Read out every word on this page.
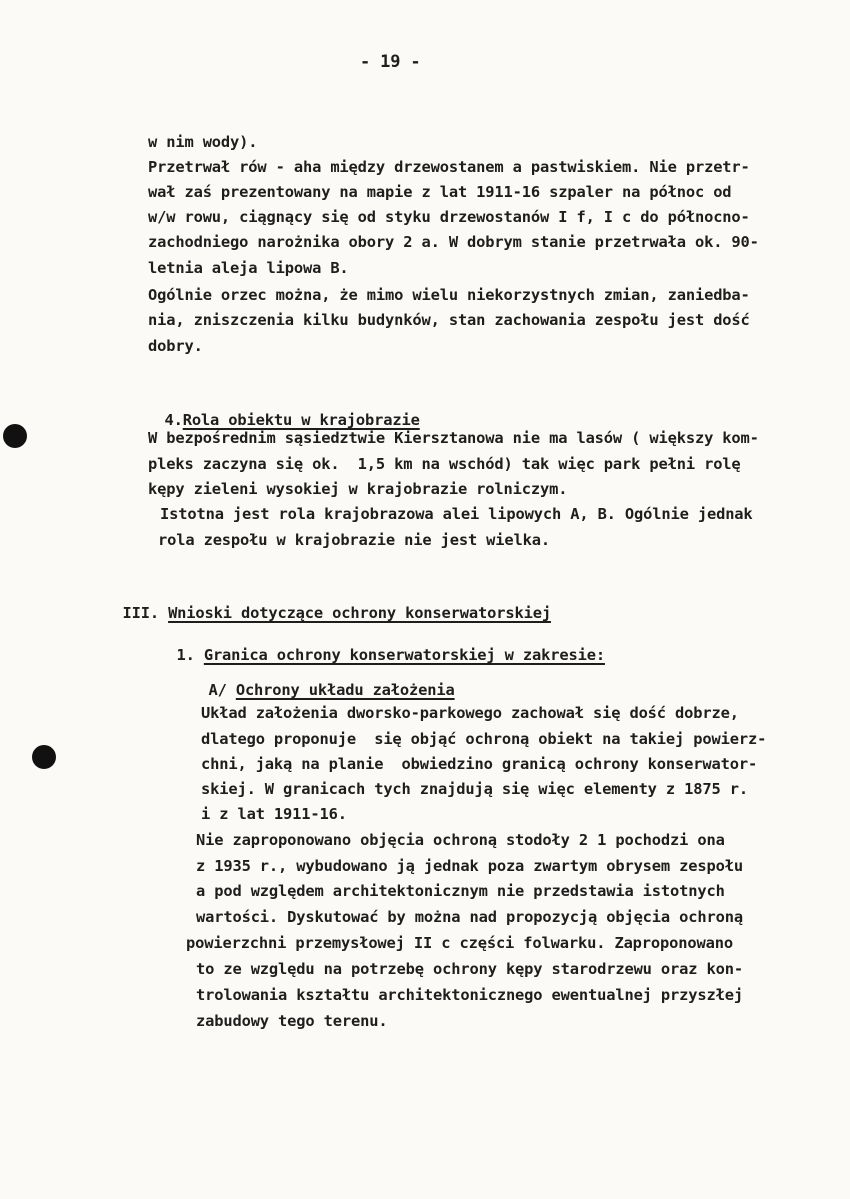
- 19 -
w nim wody).
Przetrwał rów - aha między drzewostanem a pastwiskiem. Nie przetr-
wał zaś prezentowany na mapie z lat 1911-16 szpaler na północ od
w/w rowu, ciągnący się od styku drzewostanów I f, I c do północno-
zachodniego narożnika obory 2 a. W dobrym stanie przetrwała ok. 90-
letnia aleja lipowa B.
Ogólnie orzec można, że mimo wielu niekorzystnych zmian, zaniedba-
nia, zniszczenia kilku budynków, stan zachowania zespołu jest dość
dobry.

4.Rola obiektu w krajobrazie

W bezpośrednim sąsiedztwie Kiersztanowa nie ma lasów ( większy kom-
pleks zaczyna się ok.  1,5 km na wschód) tak więc park pełni rolę
kępy zieleni wysokiej w krajobrazie rolniczym.
Istotna jest rola krajobrazowa alei lipowych A, B. Ogólnie jednak
rola zespołu w krajobrazie nie jest wielka.

III. Wnioski dotyczące ochrony konserwatorskiej

1. Granica ochrony konserwatorskiej w zakresie:

A/ Ochrony układu założenia

Układ założenia dworsko-parkowego zachował się dość dobrze,
dlatego proponuje  się objąć ochroną obiekt na takiej powierz-
chni, jaką na planie  obwiedzino granicą ochrony konserwator-
skiej. W granicach tych znajdują się więc elementy z 1875 r.
i z lat 1911-16.
Nie zaproponowano objęcia ochroną stodoły 2 1 pochodzi ona
z 1935 r., wybudowano ją jednak poza zwartym obrysem zespołu
a pod względem architektonicznym nie przedstawia istotnych
wartości. Dyskutować by można nad propozycją objęcia ochroną
powierzchni przemysłowej II c części folwarku. Zaproponowano
to ze względu na potrzebę ochrony kępy starodrzewu oraz kon-
trolowania kształtu architektonicznego ewentualnej przyszłej
zabudowy tego terenu.
